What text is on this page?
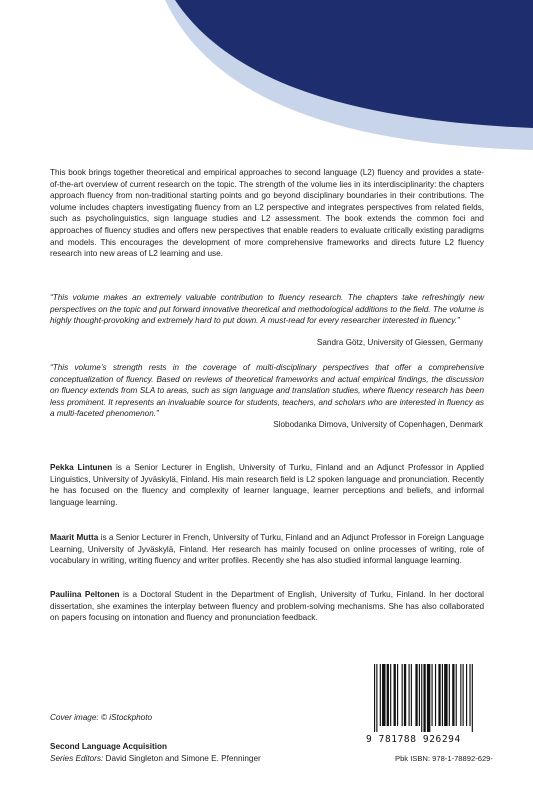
This book brings together theoretical and empirical approaches to second language (L2) fluency and provides a state-of-the-art overview of current research on the topic. The strength of the volume lies in its interdisciplinarity: the chapters approach fluency from non-traditional starting points and go beyond disciplinary boundaries in their contributions. The volume includes chapters investigating fluency from an L2 perspective and integrates perspectives from related fields, such as psycholinguistics, sign language studies and L2 assessment. The book extends the common foci and approaches of fluency studies and offers new perspectives that enable readers to evaluate critically existing paradigms and models. This encourages the development of more comprehensive frameworks and directs future L2 fluency research into new areas of L2 learning and use.

“This volume makes an extremely valuable contribution to fluency research. The chapters take refreshingly new perspectives on the topic and put forward innovative theoretical and methodological additions to the field. The volume is highly thought-provoking and extremely hard to put down. A must-read for every researcher interested in fluency.”

Sandra Götz, University of Giessen, Germany

“This volume’s strength rests in the coverage of multi-disciplinary perspectives that offer a comprehensive conceptualization of fluency. Based on reviews of theoretical frameworks and actual empirical findings, the discussion on fluency extends from SLA to areas, such as sign language and translation studies, where fluency research has been less prominent. It represents an invaluable source for students, teachers, and scholars who are interested in fluency as a multi-faceted phenomenon.”

Slobodanka Dimova, University of Copenhagen, Denmark

Pekka Lintunen is a Senior Lecturer in English, University of Turku, Finland and an Adjunct Professor in Applied Linguistics, University of Jyväskylä, Finland. His main research field is L2 spoken language and pronunciation. Recently he has focused on the fluency and complexity of learner language, learner perceptions and beliefs, and informal language learning.

Maarit Mutta is a Senior Lecturer in French, University of Turku, Finland and an Adjunct Professor in Foreign Language Learning, University of Jyväskylä, Finland. Her research has mainly focused on online processes of writing, role of vocabulary in writing, writing fluency and writer profiles. Recently she has also studied informal language learning.

Pauliina Peltonen is a Doctoral Student in the Department of English, University of Turku, Finland. In her doctoral dissertation, she examines the interplay between fluency and problem-solving mechanisms. She has also collaborated on papers focusing on intonation and fluency and pronunciation feedback.

Cover image: © iStockphoto
Second Language Acquisition
Series Editors: David Singleton and Simone E. Pfenninger
9 781788 926294
Pbk ISBN: 978-1-78892-629-
